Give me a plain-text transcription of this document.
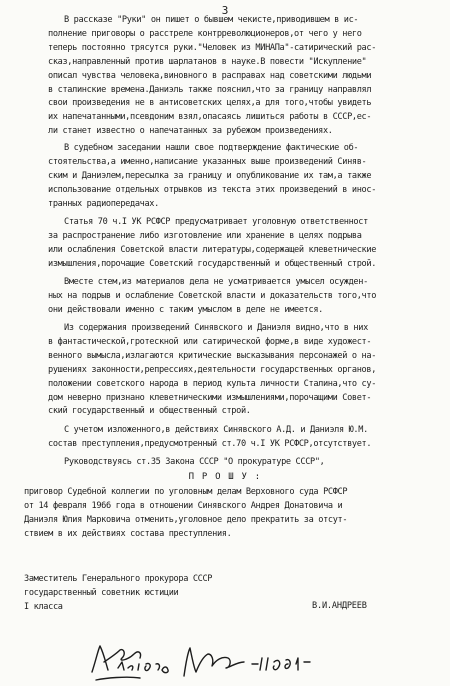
3
В рассказе "Руки" он пишет о бывшем чекисте,приводившем в ис-
полнение приговоры о расстреле контрреволюционеров,от чего у него
теперь постоянно трясутся руки."Человек из МИНАПа"-сатирический рас-
сказ,направленный против шарлатанов в науке.В повести "Искупление"
описал чувства человека,виновного в расправах над советскими людьми
в сталинские времена.Даниэль также пояснил,что за границу направлял
свои произведения не в антисоветских целях,а для того,чтобы увидеть
их напечатанными,псевдоним взял,опасаясь лишиться работы в СССР,ес-
ли станет известно о напечатанных за рубежом произведениях.
В судебном заседании нашли свое подтверждение фактические об-
стоятельства,а именно,написание указанных выше произведений Синяв-
ским и Даниэлем,пересылка за границу и опубликование их там,а также
использование отдельных отрывков из текста этих произведений в инос-
транных радиопередачах.
Статья 70 ч.I УК РСФСР предусматривает уголовную ответственност
за распространение либо изготовление или хранение в целях подрыва
или ослабления Советской власти литературы,содержащей клеветнические
измышления,порочащие Советский государственный и общественный строй.
Вместе стем,из материалов дела не усматривается умысел осужден-
ных на подрыв и ослабление Советской власти и доказательств того,что
они действовали именно с таким умыслом в деле не имеется.
Из содержания произведений Синявского и Даниэля видно,что в них
в фантастической,гротескной или сатирической форме,в виде художест-
венного вымысла,излагаются критические высказывания персонажей о на-
рушениях законности,репрессиях,деятельности государственных органов,
положении советского народа в период культа личности Сталина,что су-
дом неверно признано клеветническими измышлениями,порочащими Совет-
ский государственный и общественный строй.
С учетом изложенного,в действиях Синявского А.Д. и Даниэля Ю.М.
состав преступления,предусмотренный ст.70 ч.I УК РСФСР,отсутствует.
Руководствуясь ст.35 Закона СССР "О прокуратуре СССР",
П Р О Ш У :
приговор Судебной коллегии по уголовным делам Верховного суда РСФСР
от 14 февраля 1966 года в отношении Синявского Андрея Донатовича и
Даниэля Юлия Марковича отменить,уголовное дело прекратить за отсут-
ствием в их действиях состава преступления.
Заместитель Генерального прокурора СССР
государственный советник юстиции
I класса	В.И.АНДРЕЕВ
